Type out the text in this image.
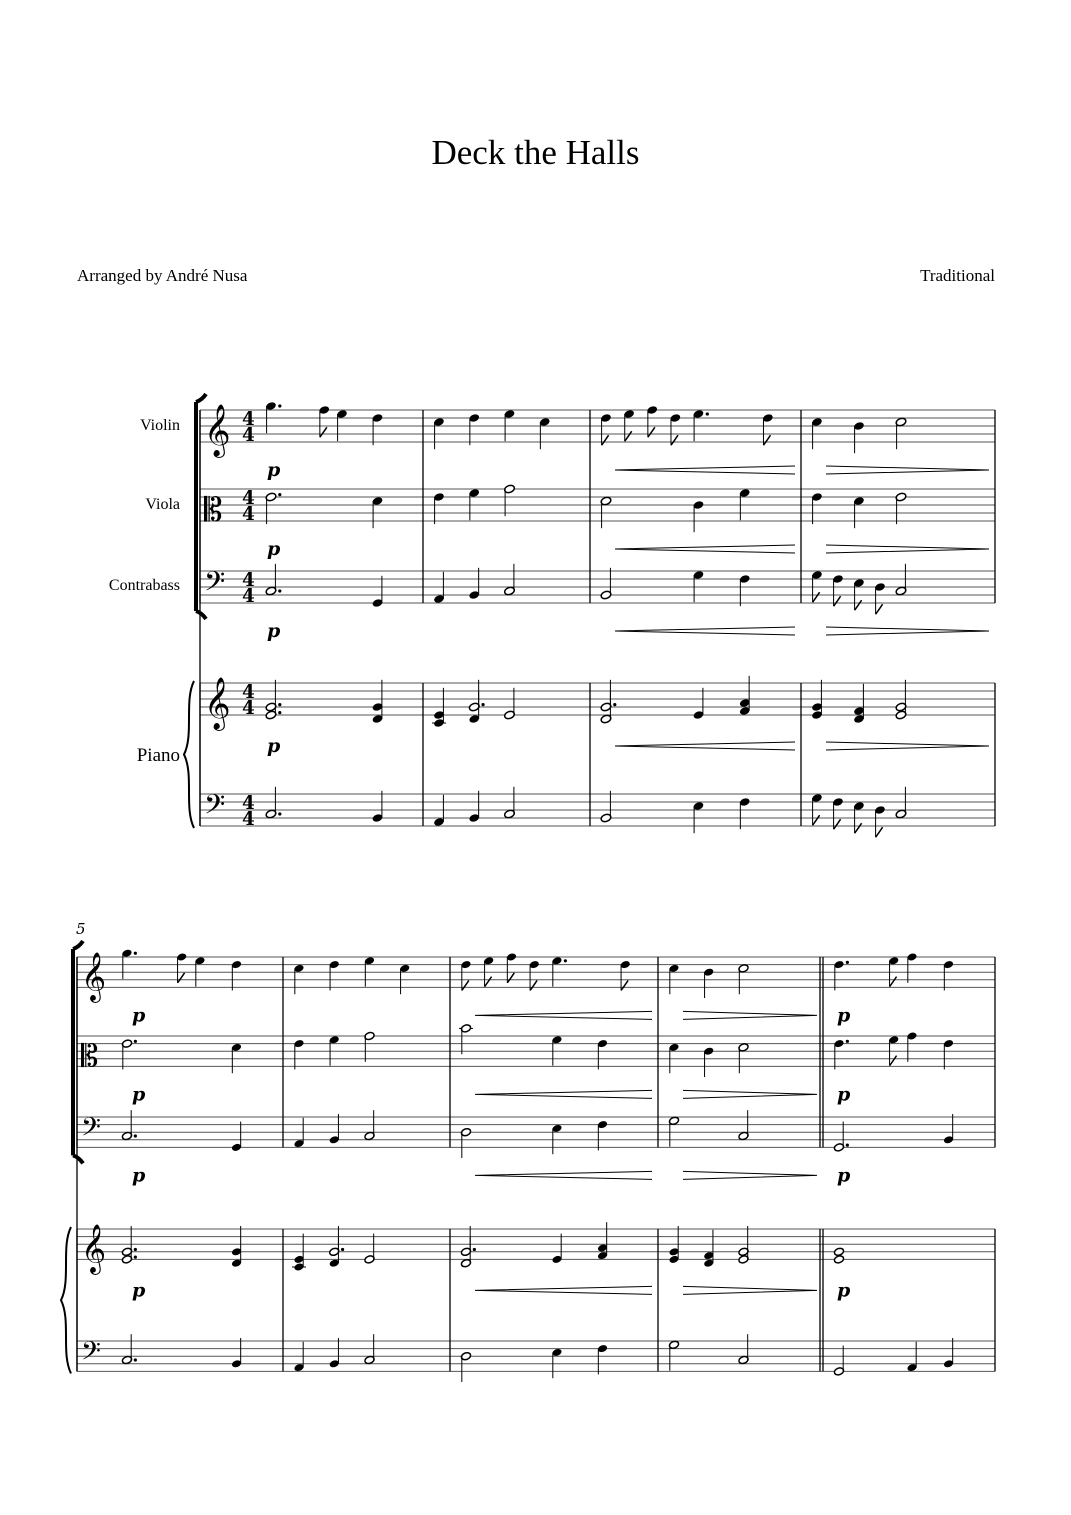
Deck the Halls
Arranged by André Nusa	Traditional
Violin
Viola
Contrabass
Piano
5
𝄞 4
4
𝄡 4
4
𝄢 4
4
𝄞 4
4
𝄢 4
4
p
p
p
p
𝄞
𝄡
𝄢
𝄞
𝄢
p	p
p	p
p	p
p	p
